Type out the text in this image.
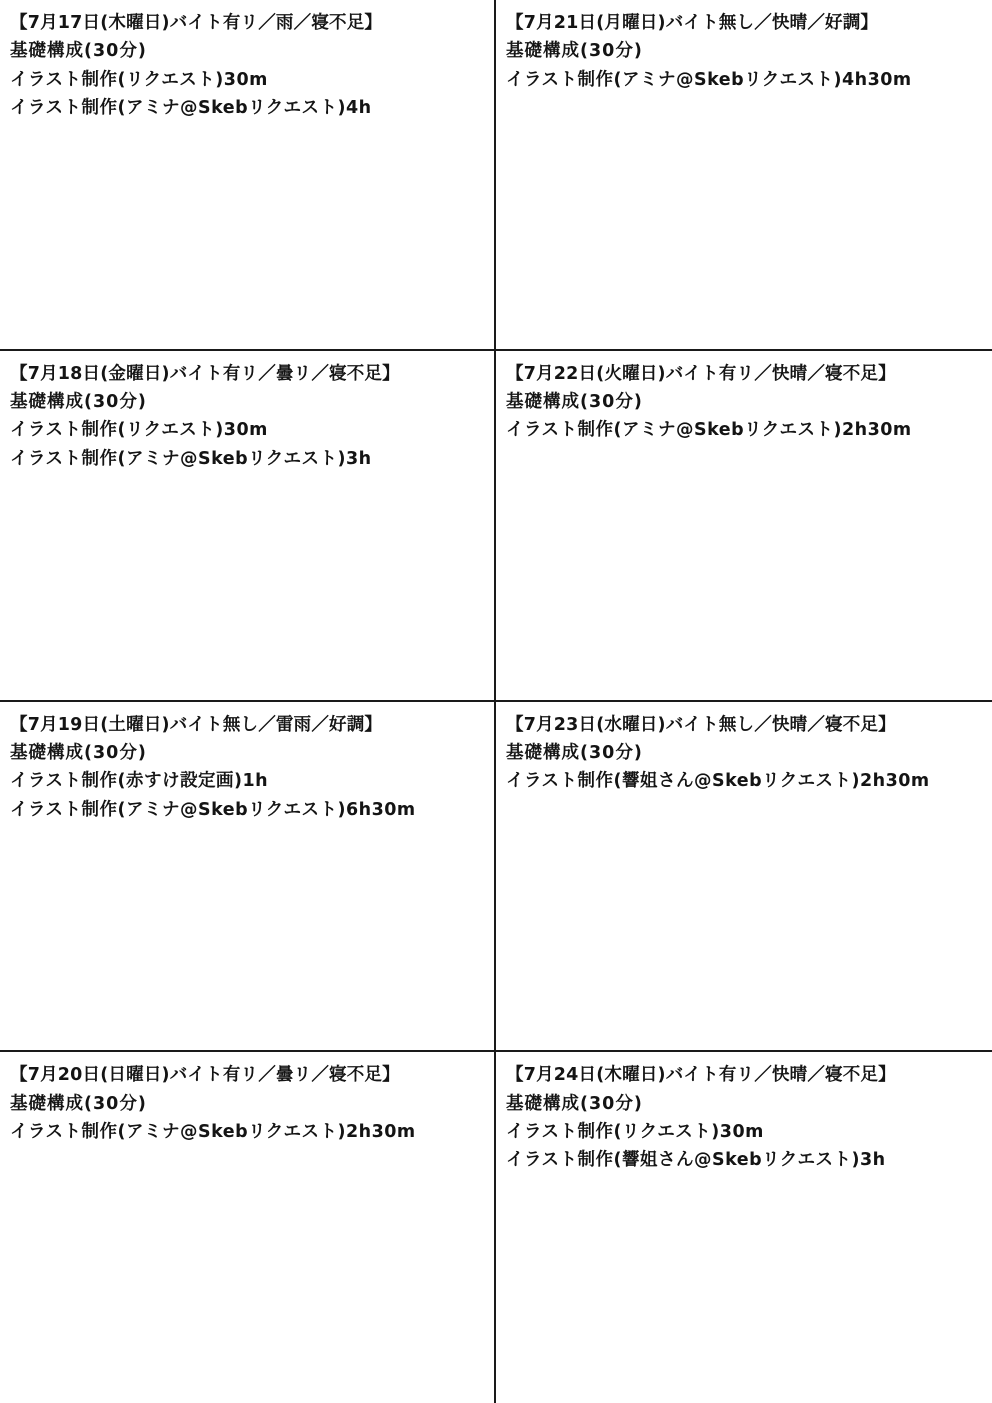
【7月17日(木曜日)バイト有リ／雨／寝不足】
基礎構成(30分)
イラスト制作(リクエスト)30m
イラスト制作(アミナ@Skebリクエスト)4h
【7月21日(月曜日)バイト無し／快晴／好調】
基礎構成(30分)
イラスト制作(アミナ@Skebリクエスト)4h30m
【7月18日(金曜日)バイト有リ／曇リ／寝不足】
基礎構成(30分)
イラスト制作(リクエスト)30m
イラスト制作(アミナ@Skebリクエスト)3h
【7月22日(火曜日)バイト有リ／快晴／寝不足】
基礎構成(30分)
イラスト制作(アミナ@Skebリクエスト)2h30m
【7月19日(土曜日)バイト無し／雷雨／好調】
基礎構成(30分)
イラスト制作(赤すけ設定画)1h
イラスト制作(アミナ@Skebリクエスト)6h30m
【7月23日(水曜日)バイト無し／快晴／寝不足】
基礎構成(30分)
イラスト制作(響姐さん@Skebリクエスト)2h30m
【7月20日(日曜日)バイト有リ／曇リ／寝不足】
基礎構成(30分)
イラスト制作(アミナ@Skebリクエスト)2h30m
【7月24日(木曜日)バイト有リ／快晴／寝不足】
基礎構成(30分)
イラスト制作(リクエスト)30m
イラスト制作(響姐さん@Skebリクエスト)3h
